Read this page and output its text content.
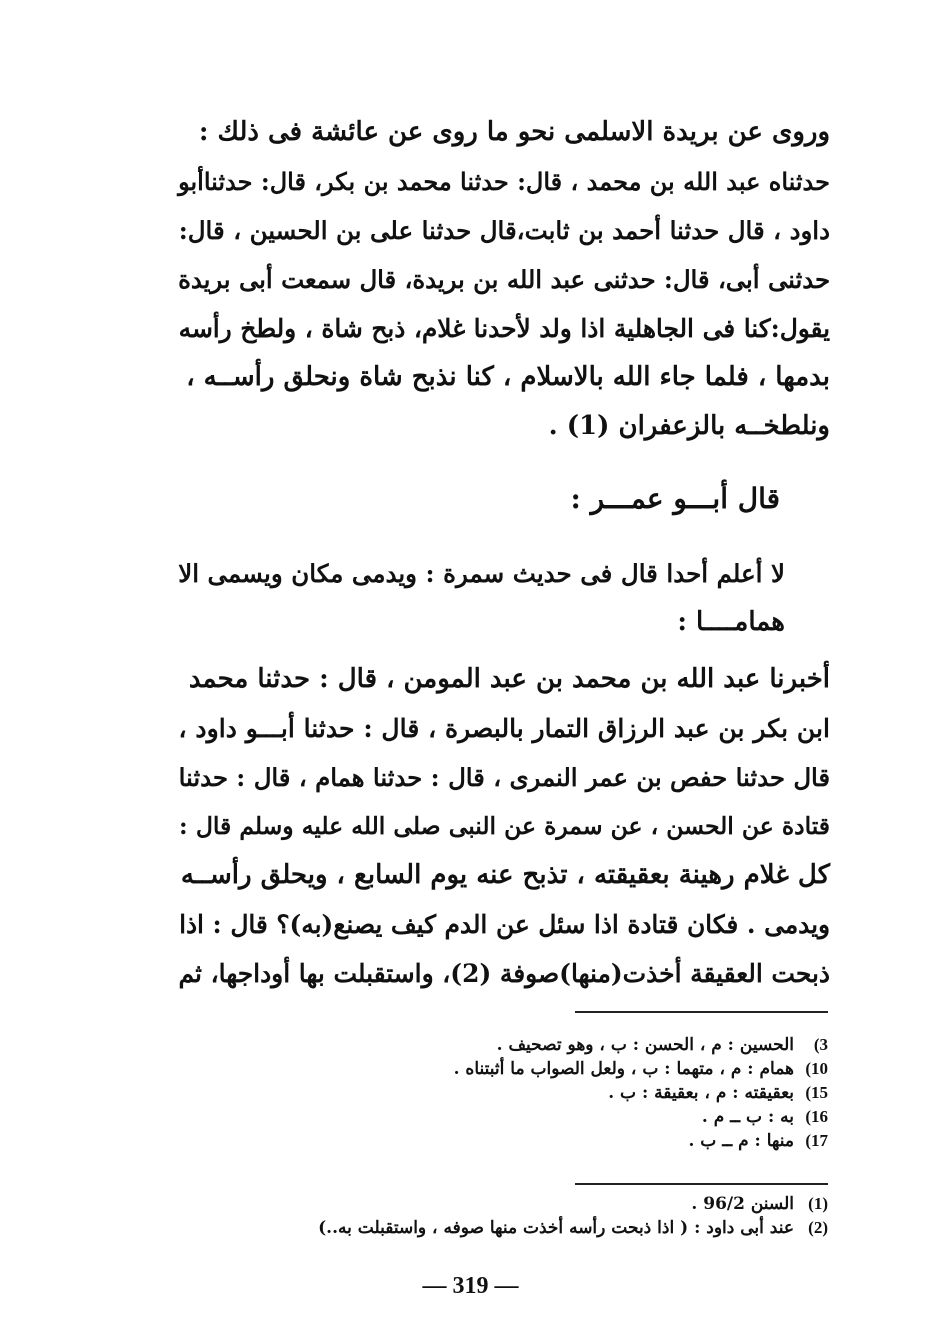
وروى عن بريدة الاسلمى نحو ما روى عن عائشة فى ذلك :
حدثناه عبد الله بن محمد ، قال: حدثنا محمد بن بكر، قال: حدثناأبو
داود ، قال حدثنا أحمد بن ثابت،قال حدثنا على بن الحسين ، قال:
حدثنى أبى، قال: حدثنى عبد الله بن بريدة، قال سمعت أبى بريدة
يقول:كنا فى الجاهلية اذا ولد لأحدنا غلام، ذبح شاة ، ولطخ رأسه
بدمها ، فلما جاء الله بالاسلام ، كنا نذبح شاة ونحلق رأســه ،
ونلطخــه بالزعفران (1) .
قال أبـــو عمـــر :
لا أعلم أحدا قال فى حديث سمرة : ويدمى مكان ويسمى الا
همامــــا :
أخبرنا عبد الله بن محمد بن عبد المومن ، قال : حدثنا محمد
ابن بكر بن عبد الرزاق التمار بالبصرة ، قال : حدثنا أبـــو داود ،
قال حدثنا حفص بن عمر النمرى ، قال : حدثنا همام ، قال : حدثنا
قتادة عن الحسن ، عن سمرة عن النبى صلى الله عليه وسلم قال :
كل غلام رهينة بعقيقته ، تذبح عنه يوم السابع ، ويحلق رأســه
ويدمى . فكان قتادة اذا سئل عن الدم كيف يصنع(به)؟ قال : اذا
ذبحت العقيقة أخذت(منها)صوفة (2)، واستقبلت بها أوداجها، ثم
3)
الحسين : م ، الحسن : ب ، وهو تصحيف .
10)
همام : م ، متهما : ب ، ولعل الصواب ما أثبتناه .
15)
بعقيقته : م ، بعقيقة : ب .
16)
به : ب ــ م .
17)
منها : م ــ ب .
(1)
السنن 96/2 .
(2)
عند أبى داود : ( اذا ذبحت رأسه أخذت منها صوفه ، واستقبلت به..)
— 319 —
